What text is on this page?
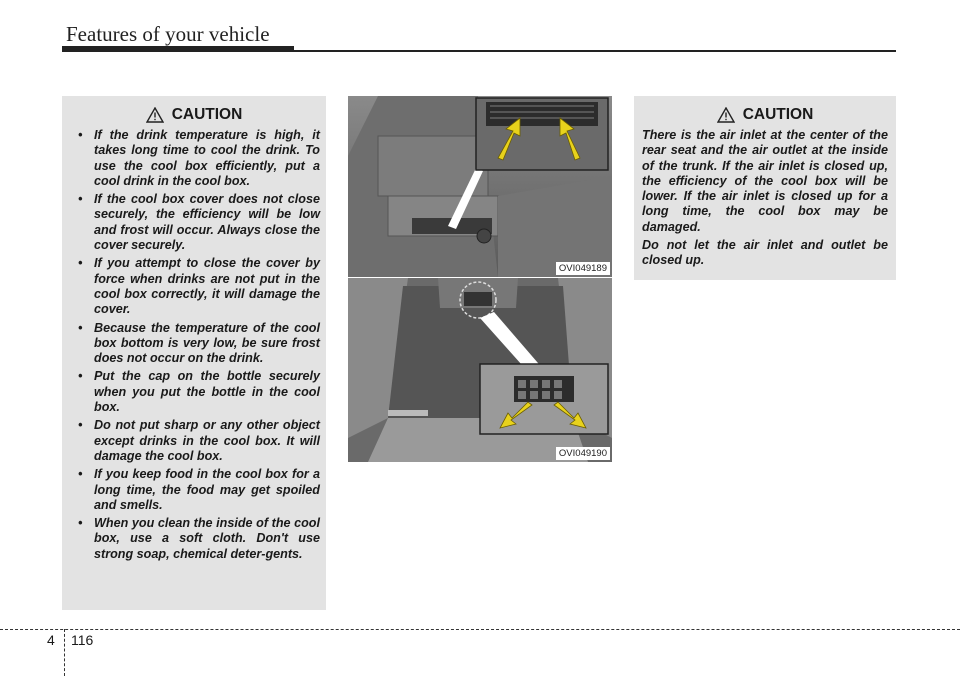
Features of your vehicle
CAUTION
• If the drink temperature is high, it takes long time to cool the drink. To use the cool box efficiently, put a cool drink in the cool box.
• If the cool box cover does not close securely, the efficiency will be low and frost will occur. Always close the cover securely.
• If you attempt to close the cover by force when drinks are not put in the cool box correctly, it will damage the cover.
• Because the temperature of the cool box bottom is very low, be sure frost does not occur on the drink.
• Put the cap on the bottle securely when you put the bottle in the cool box.
• Do not put sharp or any other object except drinks in the cool box. It will damage the cool box.
• If you keep food in the cool box for a long time, the food may get spoiled and smells.
• When you clean the inside of the cool box, use a soft cloth. Don't use strong soap, chemical deter-gents.
OVI049189
OVI049190
CAUTION

There is the air inlet at the center of the rear seat and the air outlet at the inside of the trunk. If the air inlet is closed up, the efficiency of the cool box will be lower. If the air inlet is closed up for a long time, the cool box may be damaged.

Do not let the air inlet and outlet be closed up.

4 116
